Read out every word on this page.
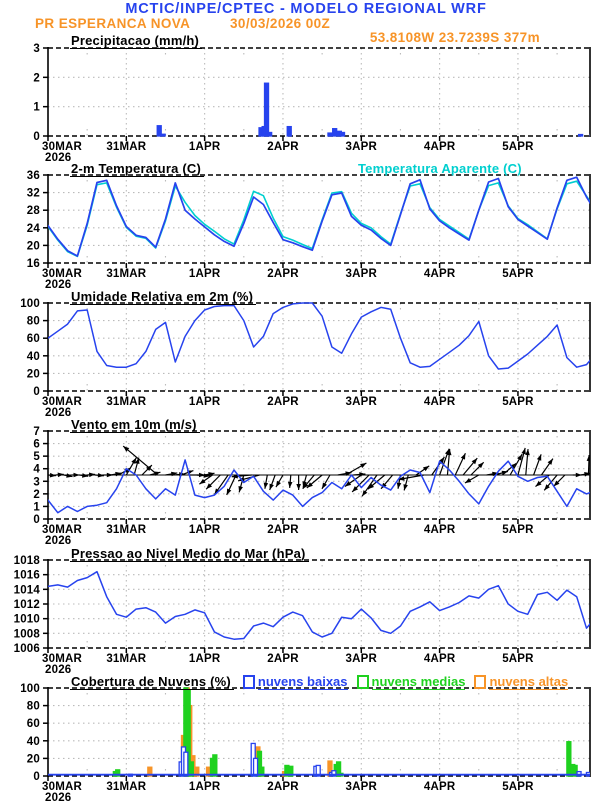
MCTIC/INPE/CPTEC - MODELO REGIONAL WRF
PR ESPERANCA NOVA	30/03/2026 00Z
53.8108W 23.7239S 377m
Precipitacao (mm/h)
2-m Temperatura (C)	Temperatura Aparente (C)
Umidade Relativa em 2m (%)
Vento em 10m (m/s)
Pressao ao Nivel Medio do Mar (hPa)
Cobertura de Nuvens (%) nuvens baixas nuvens medias nuvens altas
0
1
2
3
30MAR
2026
31MAR	1APR	2APR	3APR	4APR	5APR
16
20
24
28
32
36
30MAR
2026
31MAR	1APR	2APR	3APR	4APR	5APR
0
20
40
60
80
100
30MAR
2026
31MAR	1APR	2APR	3APR	4APR	5APR
0
1
2
3
4
5
6
7
30MAR
2026
31MAR	1APR	2APR	3APR	4APR	5APR
1006
1008
1010
1012
1014
1016
1018
30MAR
2026
31MAR	1APR	2APR	3APR	4APR	5APR
0
20
40
60
80
100
30MAR
2026
31MAR	1APR	2APR	3APR	4APR	5APR
